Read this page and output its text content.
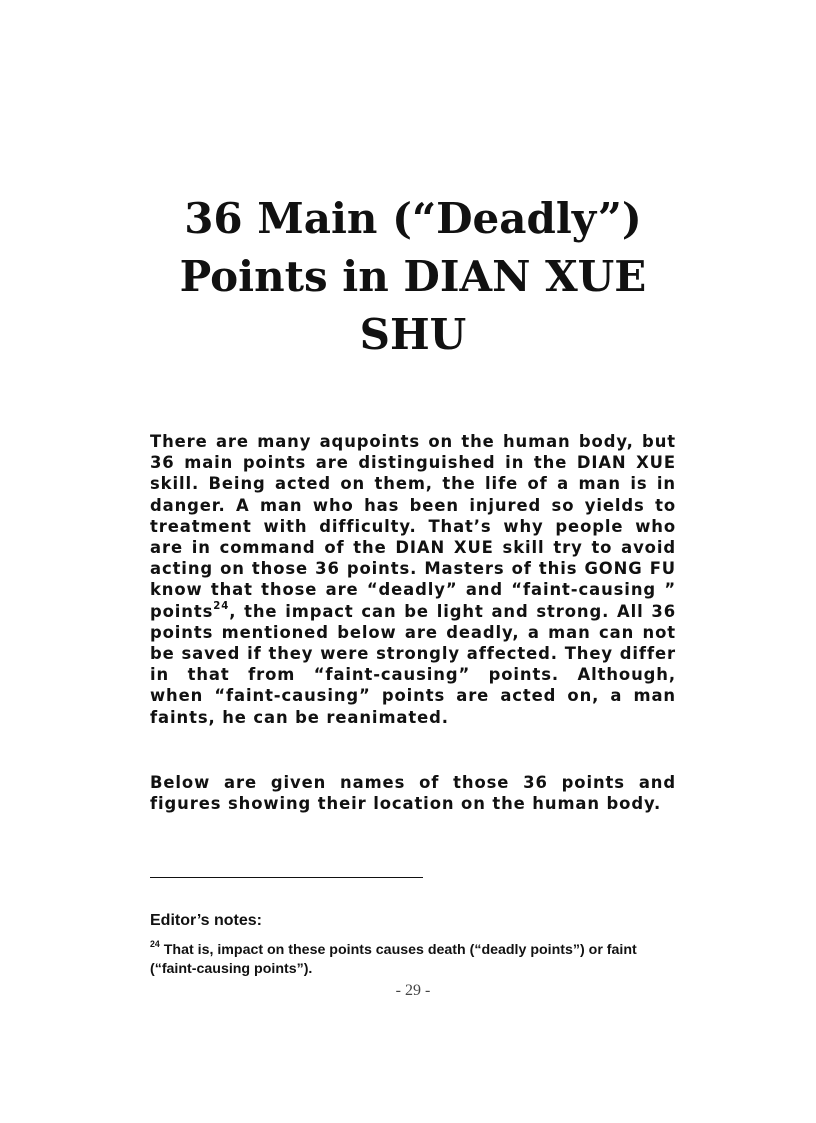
36 Main (“Deadly”)
Points in DIAN XUE
SHU

There are many aqupoints on the human body, but 36 main points are distinguished in the DIAN XUE skill. Being acted on them, the life of a man is in danger. A man who has been injured so yields to treatment with difficulty. That’s why people who are in command of the DIAN XUE skill try to avoid acting on those 36 points. Masters of this GONG FU know that those are “deadly” and “faint-causing ” points$^{24}$, the impact can be light and strong. All 36 points mentioned below are deadly, a man can not be saved if they were strongly affected. They differ in that from “faint-causing” points. Although, when “faint-causing” points are acted on, a man faints, he can be reanimated.

Below are given names of those 36 points and figures showing their location on the human body.

Editor’s notes:

$^{24}$ That is, impact on these points causes death (“deadly points”) or faint (“faint-causing points”).

- 29 -
